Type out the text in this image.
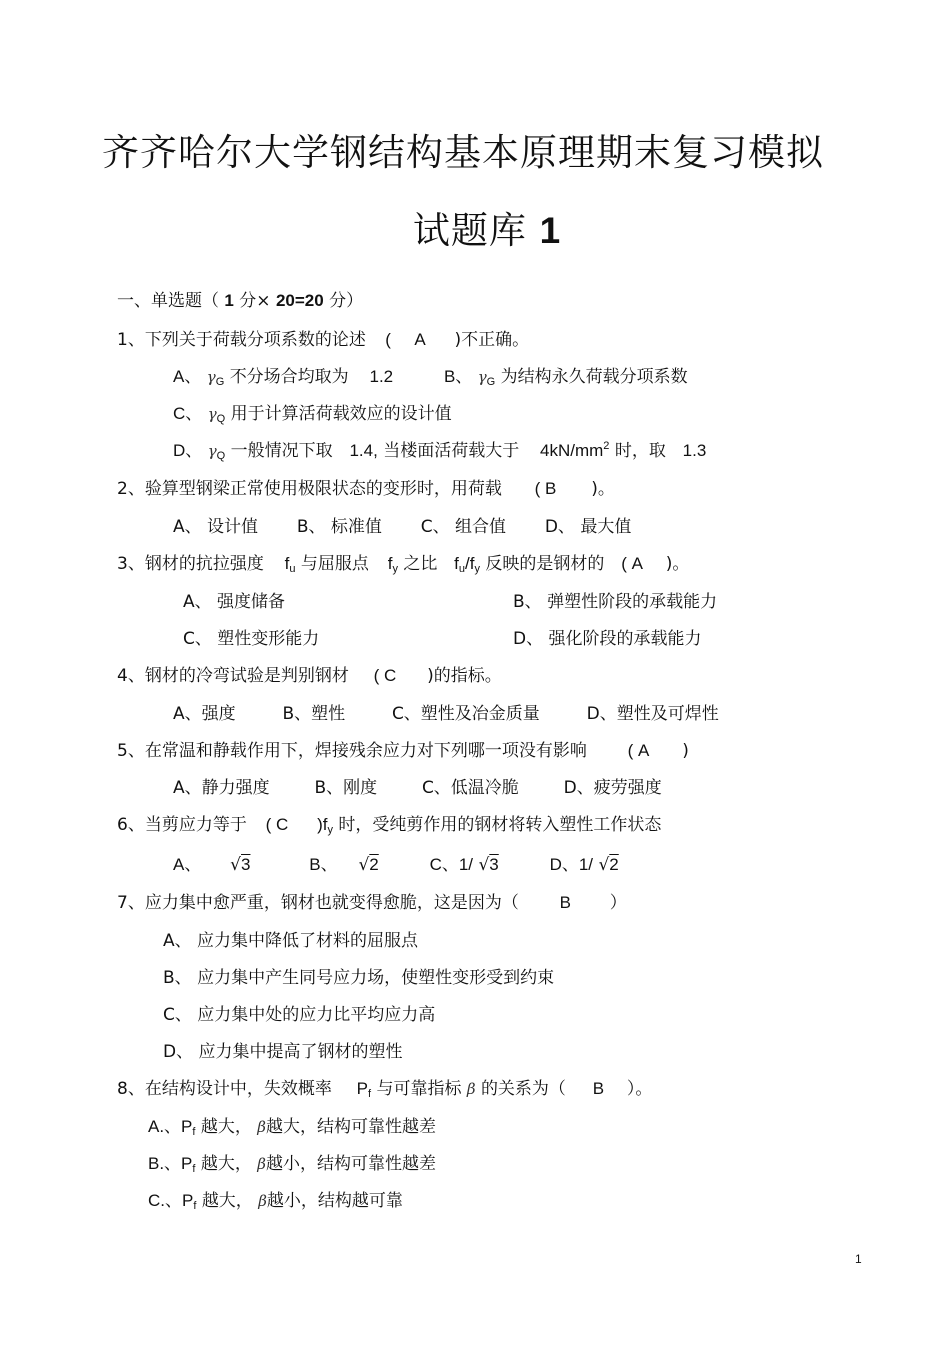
齐齐哈尔大学钢结构基本原理期末复习模拟
试题库 1
一、单选题（ 1 分× 20=20 分）
1、下列关于荷载分项系数的论述 ( A )不正确。
A、 $\gamma_G$ 不分场合均取为 1.2	B、 $\gamma_G$ 为结构永久荷载分项系数
C、 $\gamma_Q$ 用于计算活荷载效应的设计值
D、 $\gamma_Q$ 一般情况下取 1.4, 当楼面活荷载大于 $4kN/mm^2$ 时，取 1.3
2、验算型钢梁正常使用极限状态的变形时，用荷载 ( B )。
A、 设计值 B、 标准值 C、 组合值 D、 最大值
3、钢材的抗拉强度 $f_u$ 与屈服点 $f_y$ 之比 $f_u/f_y$ 反映的是钢材的 ( A )。
A、 强度储备	B、 弹塑性阶段的承载能力
C、 塑性变形能力	D、 强化阶段的承载能力
4、钢材的冷弯试验是判别钢材 ( C )的指标。
A、强度	B、塑性	C、塑性及冶金质量	D、塑性及可焊性
5、在常温和静载作用下，焊接残余应力对下列哪一项没有影响 ( A )
A、静力强度	B、刚度	C、低温冷脆	D、疲劳强度
6、当剪应力等于 ( C )$f_y$ 时，受纯剪作用的钢材将转入塑性工作状态
A、 √3	B、 √2	C、1/ √3	D、1/ √2
7、应力集中愈严重，钢材也就变得愈脆，这是因为（ B ）
A、 应力集中降低了材料的屈服点
B、 应力集中产生同号应力场，使塑性变形受到约束
C、 应力集中处的应力比平均应力高
D、 应力集中提高了钢材的塑性
8、在结构设计中，失效概率 $P_f$ 与可靠指标 β 的关系为（ B ）。
A.、$P_f$ 越大， β越大，结构可靠性越差
B.、$P_f$ 越大， β越小，结构可靠性越差
C.、$P_f$ 越大， β越小，结构越可靠
1
